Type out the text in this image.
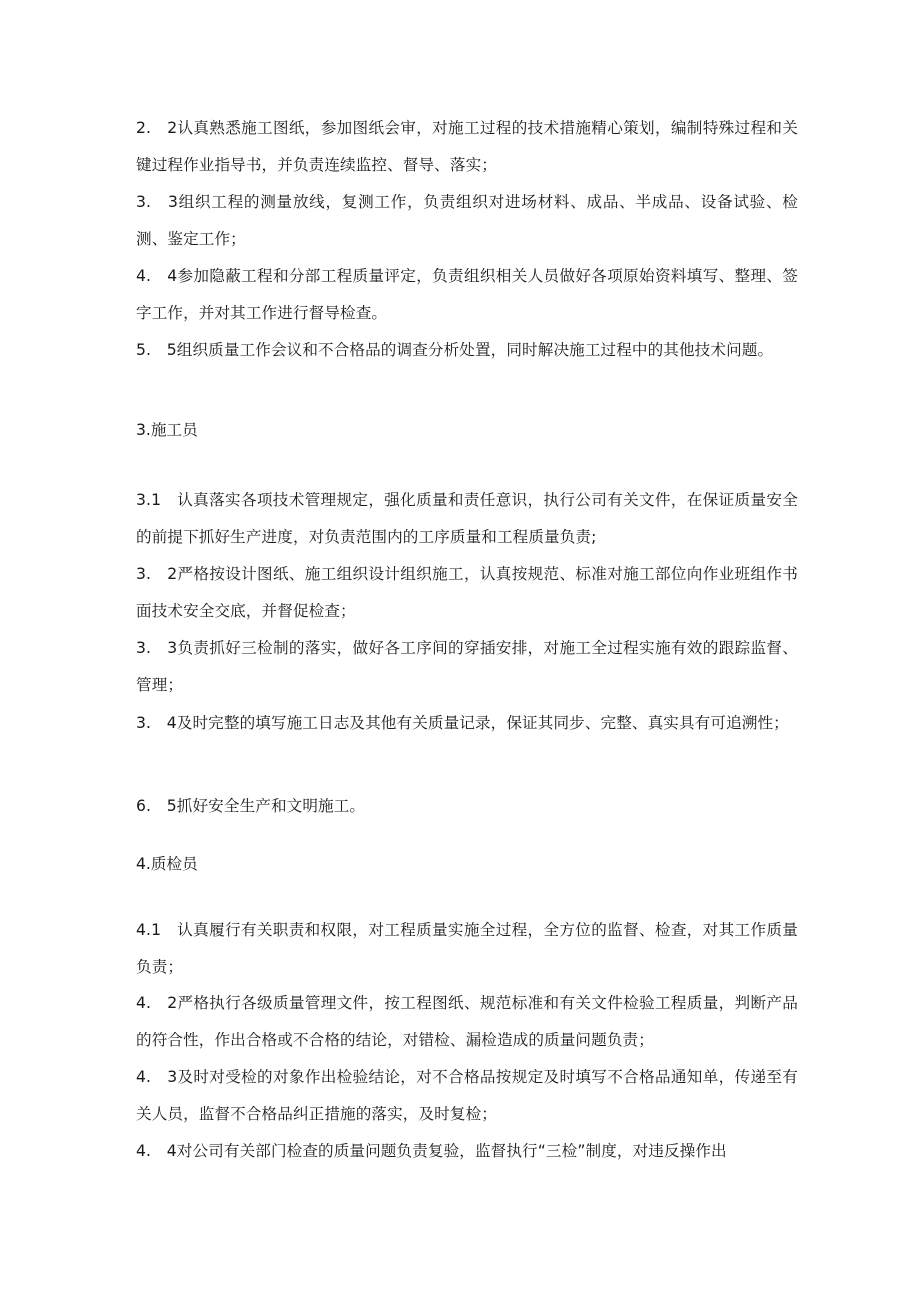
2.　2认真熟悉施工图纸，参加图纸会审，对施工过程的技术措施精心策划，编制特殊过程和关键过程作业指导书，并负责连续监控、督导、落实；

3.　3组织工程的测量放线，复测工作，负责组织对进场材料、成品、半成品、设备试验、检测、鉴定工作；

4.　4参加隐蔽工程和分部工程质量评定，负责组织相关人员做好各项原始资料填写、整理、签字工作，并对其工作进行督导检查。

5.　5组织质量工作会议和不合格品的调查分析处置，同时解决施工过程中的其他技术问题。

3.施工员

3.1　认真落实各项技术管理规定，强化质量和责任意识，执行公司有关文件，在保证质量安全的前提下抓好生产进度，对负责范围内的工序质量和工程质量负责;

3.　2严格按设计图纸、施工组织设计组织施工，认真按规范、标准对施工部位向作业班组作书面技术安全交底，并督促检查；

3.　3负责抓好三检制的落实，做好各工序间的穿插安排，对施工全过程实施有效的跟踪监督、管理；

3.　4及时完整的填写施工日志及其他有关质量记录，保证其同步、完整、真实具有可追溯性；

6.　5抓好安全生产和文明施工。

4.质检员

4.1　认真履行有关职责和权限，对工程质量实施全过程，全方位的监督、检查，对其工作质量负责；

4.　2严格执行各级质量管理文件，按工程图纸、规范标准和有关文件检验工程质量，判断产品的符合性，作出合格或不合格的结论，对错检、漏检造成的质量问题负责；

4.　3及时对受检的对象作出检验结论，对不合格品按规定及时填写不合格品通知单，传递至有关人员，监督不合格品纠正措施的落实，及时复检；

4.　4对公司有关部门检查的质量问题负责复验，监督执行“三检”制度，对违反操作出
